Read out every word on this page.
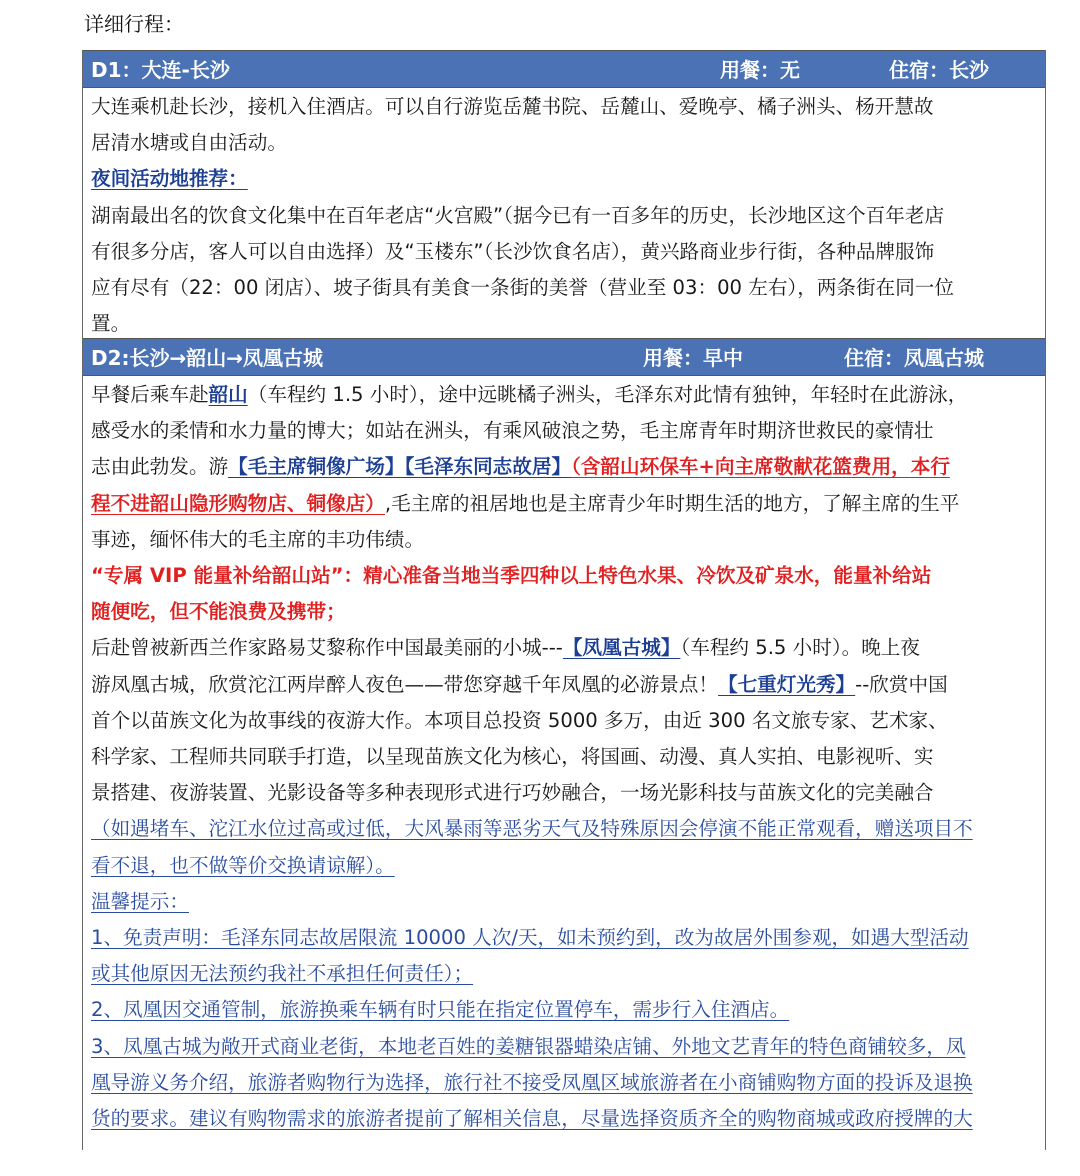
详细行程：
D1：大连-长沙	用餐：无	住宿：长沙

大连乘机赴长沙，接机入住酒店。可以自行游览岳麓书院、岳麓山、爱晚亭、橘子洲头、杨开慧故

居清水塘或自由活动。

夜间活动地推荐：

湖南最出名的饮食文化集中在百年老店“火宫殿”（据今已有一百多年的历史，长沙地区这个百年老店

有很多分店，客人可以自由选择）及“玉楼东”（长沙饮食名店），黄兴路商业步行街，各种品牌服饰

应有尽有（22：00 闭店）、坡子街具有美食一条街的美誉（营业至 03：00 左右），两条街在同一位

置。

D2:长沙→韶山→凤凰古城	用餐：早中	住宿：凤凰古城

早餐后乘车赴韶山（车程约 1.5 小时），途中远眺橘子洲头，毛泽东对此情有独钟，年轻时在此游泳，

感受水的柔情和水力量的博大；如站在洲头，有乘风破浪之势，毛主席青年时期济世救民的豪情壮

志由此勃发。游【毛主席铜像广场】【毛泽东同志故居】（含韶山环保车+向主席敬献花篮费用，本行

程不进韶山隐形购物店、铜像店）,毛主席的祖居地也是主席青少年时期生活的地方，了解主席的生平

事迹，缅怀伟大的毛主席的丰功伟绩。

“专属 VIP 能量补给韶山站”：精心准备当地当季四种以上特色水果、冷饮及矿泉水，能量补给站

随便吃，但不能浪费及携带；

后赴曾被新西兰作家路易艾黎称作中国最美丽的小城---【凤凰古城】（车程约 5.5 小时）。晚上夜

游凤凰古城，欣赏沱江两岸醉人夜色——带您穿越千年凤凰的必游景点！【七重灯光秀】--欣赏中国

首个以苗族文化为故事线的夜游大作。本项目总投资 5000 多万，由近 300 名文旅专家、艺术家、

科学家、工程师共同联手打造，以呈现苗族文化为核心，将国画、动漫、真人实拍、电影视听、实

景搭建、夜游装置、光影设备等多种表现形式进行巧妙融合，一场光影科技与苗族文化的完美融合

（如遇堵车、沱江水位过高或过低，大风暴雨等恶劣天气及特殊原因会停演不能正常观看，赠送项目不

看不退，也不做等价交换请谅解）。

温馨提示：

1、免责声明：毛泽东同志故居限流 10000 人次/天，如未预约到，改为故居外围参观，如遇大型活动

或其他原因无法预约我社不承担任何责任）；

2、凤凰因交通管制，旅游换乘车辆有时只能在指定位置停车，需步行入住酒店。

3、凤凰古城为敞开式商业老街，本地老百姓的姜糖银器蜡染店铺、外地文艺青年的特色商铺较多，凤

凰导游义务介绍，旅游者购物行为选择，旅行社不接受凤凰区域旅游者在小商铺购物方面的投诉及退换

货的要求。建议有购物需求的旅游者提前了解相关信息，尽量选择资质齐全的购物商城或政府授牌的大
